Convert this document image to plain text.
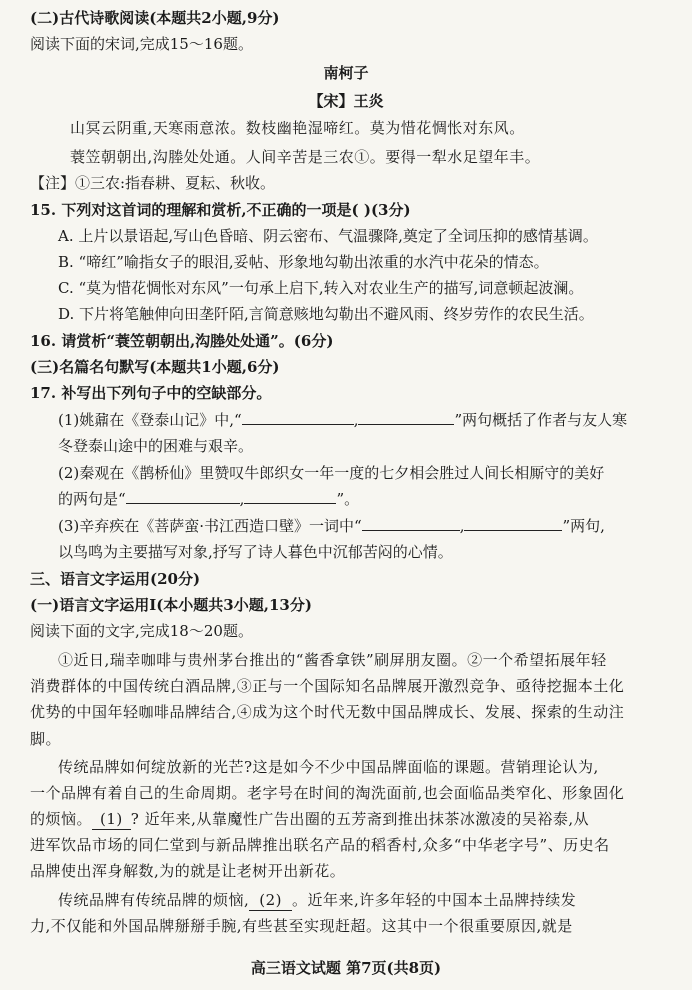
(二)古代诗歌阅读(本题共2小题,9分)
阅读下面的宋词,完成15～16题。
南柯子
【宋】王炎
山冥云阴重,天寒雨意浓。数枝幽艳湿啼红。莫为惜花惆怅对东风。
蓑笠朝朝出,沟塍处处通。人间辛苦是三农①。要得一犁水足望年丰。
【注】①三农:指春耕、夏耘、秋收。
15. 下列对这首词的理解和赏析,不正确的一项是( )(3分)
A. 上片以景语起,写山色昏暗、阴云密布、气温骤降,奠定了全词压抑的感情基调。
B. “啼红”喻指女子的眼泪,妥帖、形象地勾勒出浓重的水汽中花朵的情态。
C. “莫为惜花惆怅对东风”一句承上启下,转入对农业生产的描写,词意顿起波澜。
D. 下片将笔触伸向田垄阡陌,言简意赅地勾勒出不避风雨、终岁劳作的农民生活。
16. 请赏析“蓑笠朝朝出,沟塍处处通”。(6分)
(三)名篇名句默写(本题共1小题,6分)
17. 补写出下列句子中的空缺部分。
(1)姚鼐在《登泰山记》中,“	,	”两句概括了作者与友人寒
冬登泰山途中的困难与艰辛。
(2)秦观在《鹊桥仙》里赞叹牛郎织女一年一度的七夕相会胜过人间长相厮守的美好
的两句是“	,	”。
(3)辛弃疾在《菩萨蛮·书江西造口壁》一词中“	,	”两句,
以鸟鸣为主要描写对象,抒写了诗人暮色中沉郁苦闷的心情。
三、语言文字运用(20分)
(一)语言文字运用Ⅰ(本小题共3小题,13分)
阅读下面的文字,完成18～20题。
①近日,瑞幸咖啡与贵州茅台推出的“酱香拿铁”刷屏朋友圈。②一个希望拓展年轻
消费群体的中国传统白酒品牌,③正与一个国际知名品牌展开激烈竞争、亟待挖掘本土化
优势的中国年轻咖啡品牌结合,④成为这个时代无数中国品牌成长、发展、探索的生动注
脚。
传统品牌如何绽放新的光芒?这是如今不少中国品牌面临的课题。营销理论认为,
一个品牌有着自己的生命周期。老字号在时间的淘洗面前,也会面临品类窄化、形象固化
的烦恼。 (1) ? 近年来,从靠魔性广告出圈的五芳斋到推出抹茶冰激凌的吴裕泰,从
进军饮品市场的同仁堂到与新品牌推出联名产品的稻香村,众多“中华老字号”、历史名
品牌使出浑身解数,为的就是让老树开出新花。
传统品牌有传统品牌的烦恼, (2) 。近年来,许多年轻的中国本土品牌持续发
力,不仅能和外国品牌掰掰手腕,有些甚至实现赶超。这其中一个很重要原因,就是
高三语文试题 第7页(共8页)
